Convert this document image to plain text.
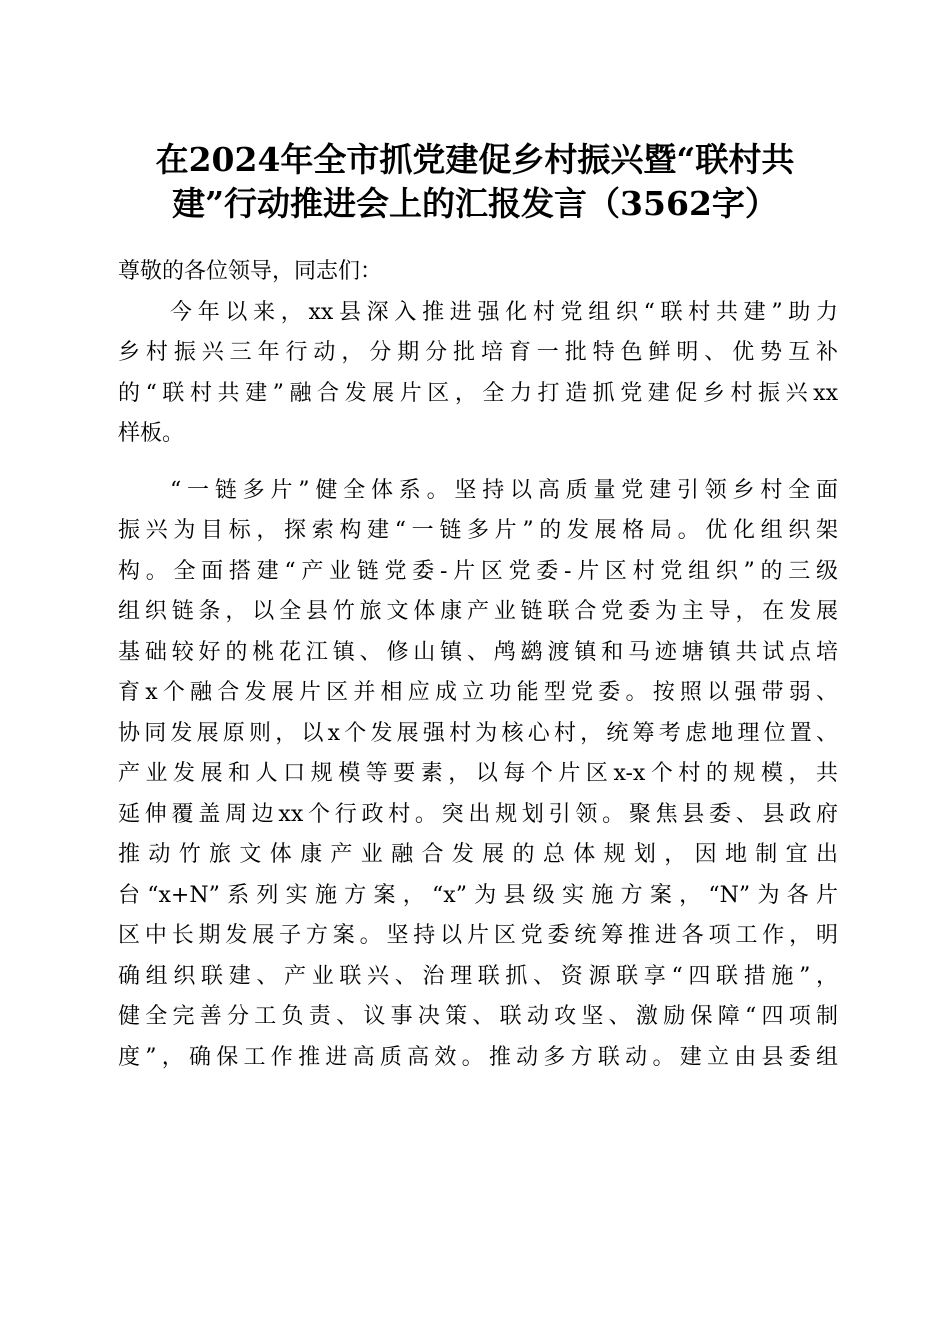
在2024年全市抓党建促乡村振兴暨“联村共
建”行动推进会上的汇报发言（3562字）
尊敬的各位领导，同志们：
今年以来，xx县深入推进强化村党组织“联村共建”助力
乡村振兴三年行动，分期分批培育一批特色鲜明、优势互补
的“联村共建”融合发展片区，全力打造抓党建促乡村振兴xx
样板。
“一链多片”健全体系。坚持以高质量党建引领乡村全面
振兴为目标，探索构建“一链多片”的发展格局。优化组织架
构。全面搭建“产业链党委-片区党委-片区村党组织”的三级
组织链条，以全县竹旅文体康产业链联合党委为主导，在发展
基础较好的桃花江镇、修山镇、鸬鹚渡镇和马迹塘镇共试点培
育x个融合发展片区并相应成立功能型党委。按照以强带弱、
协同发展原则，以x个发展强村为核心村，统筹考虑地理位置、
产业发展和人口规模等要素，以每个片区x-x个村的规模，共
延伸覆盖周边xx个行政村。突出规划引领。聚焦县委、县政府
推动竹旅文体康产业融合发展的总体规划，因地制宜出
台“x+N”系列实施方案，“x”为县级实施方案，“N”为各片
区中长期发展子方案。坚持以片区党委统筹推进各项工作，明
确组织联建、产业联兴、治理联抓、资源联享“四联措施”，
健全完善分工负责、议事决策、联动攻坚、激励保障“四项制
度”，确保工作推进高质高效。推动多方联动。建立由县委组
